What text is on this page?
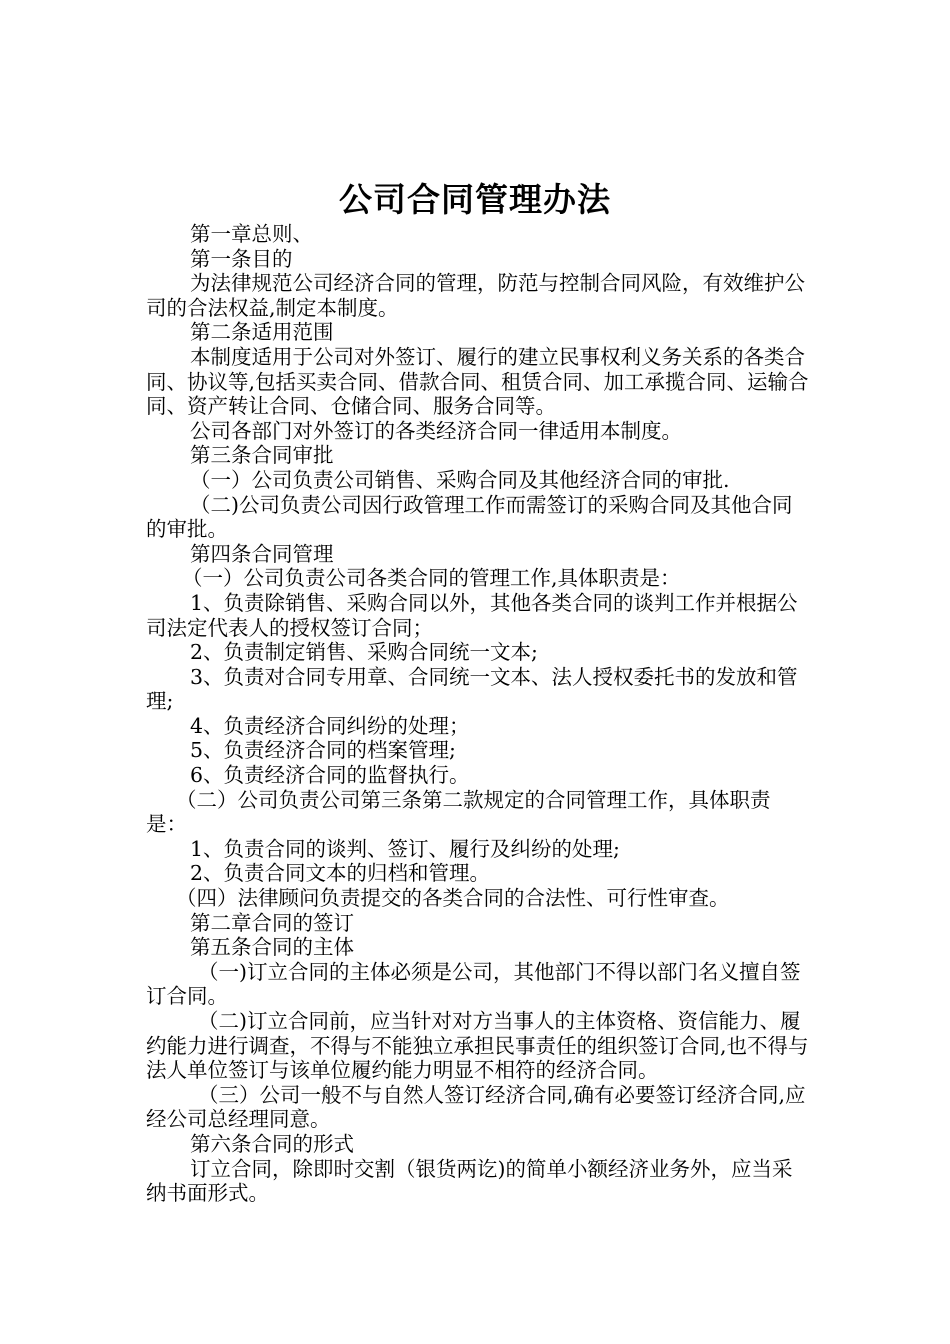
公司合同管理办法

第一章总则、

第一条目的

为法律规范公司经济合同的管理，防范与控制合同风险，有效维护公司的合法权益,制定本制度。

第二条适用范围

本制度适用于公司对外签订、履行的建立民事权利义务关系的各类合同、协议等,包括买卖合同、借款合同、租赁合同、加工承揽合同、运输合同、资产转让合同、仓储合同、服务合同等。

公司各部门对外签订的各类经济合同一律适用本制度。

第三条合同审批

（一）公司负责公司销售、采购合同及其他经济合同的审批.

（二)公司负责公司因行政管理工作而需签订的采购合同及其他合同的审批。

第四条合同管理

（一）公司负责公司各类合同的管理工作,具体职责是：

1、负责除销售、采购合同以外，其他各类合同的谈判工作并根据公司法定代表人的授权签订合同；

2、负责制定销售、采购合同统一文本;

3、负责对合同专用章、合同统一文本、法人授权委托书的发放和管理;

4、负责经济合同纠纷的处理；

5、负责经济合同的档案管理;

6、负责经济合同的监督执行。

（二）公司负责公司第三条第二款规定的合同管理工作，具体职责是：

1、负责合同的谈判、签订、履行及纠纷的处理;

2、负责合同文本的归档和管理。

（四）法律顾问负责提交的各类合同的合法性、可行性审查。

第二章合同的签订

第五条合同的主体

（一)订立合同的主体必须是公司，其他部门不得以部门名义擅自签订合同。

（二)订立合同前，应当针对对方当事人的主体资格、资信能力、履约能力进行调查，不得与不能独立承担民事责任的组织签订合同,也不得与法人单位签订与该单位履约能力明显不相符的经济合同。

（三）公司一般不与自然人签订经济合同,确有必要签订经济合同,应经公司总经理同意。

第六条合同的形式

订立合同，除即时交割（银货两讫)的简单小额经济业务外，应当采纳书面形式。
